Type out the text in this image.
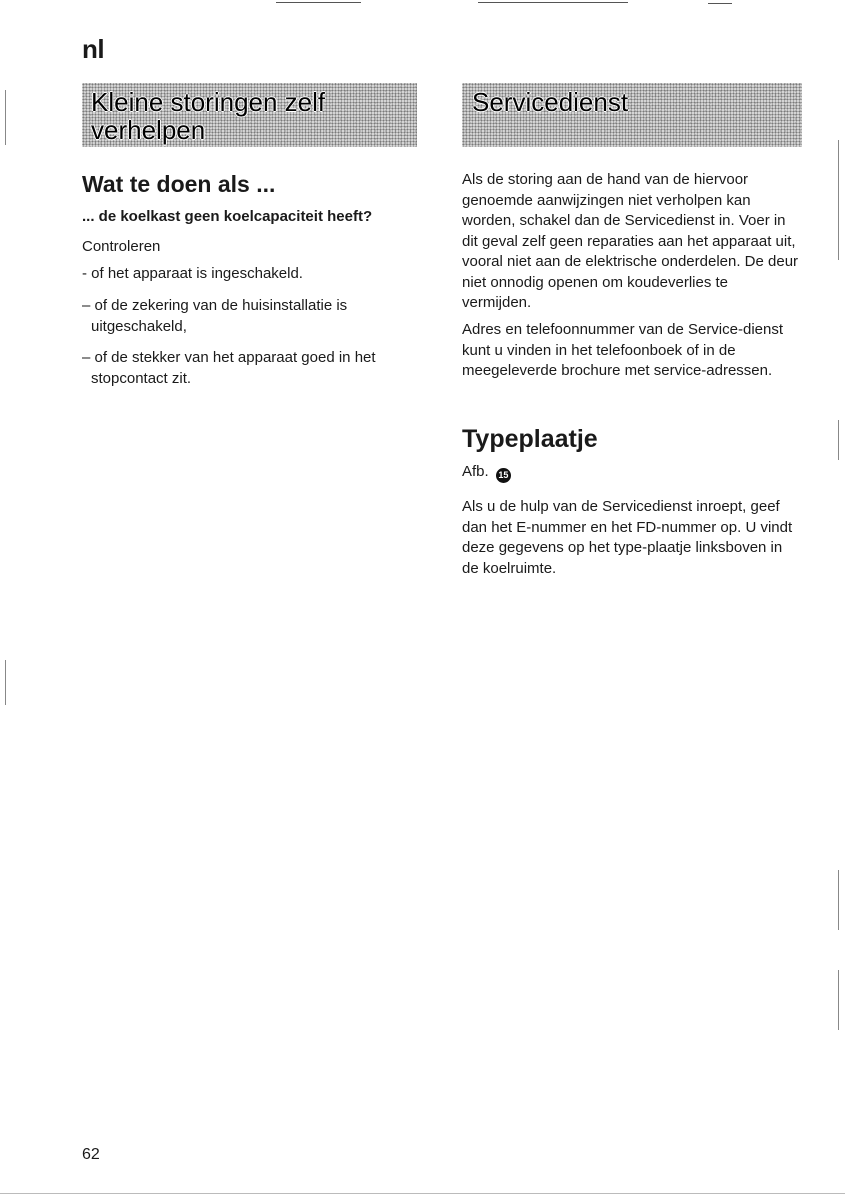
nl
Kleine storingen zelf
verhelpen
Wat te doen als ...
... de koelkast geen koelcapaciteit heeft?
Controleren
- of het apparaat is ingeschakeld.
– of de zekering van de huisinstallatie is uitgeschakeld,
– of de stekker van het apparaat goed in het stopcontact zit.
Servicedienst
Als de storing aan de hand van de hiervoor genoemde aanwijzingen niet verholpen kan worden, schakel dan de Servicedienst in. Voer in dit geval zelf geen reparaties aan het apparaat uit, vooral niet aan de elektrische onderdelen. De deur niet onnodig openen om koudeverlies te vermijden.
Adres en telefoonnummer van de Service-dienst kunt u vinden in het telefoonboek of in de meegeleverde brochure met service-adressen.
Typeplaatje
Afb. 15
Als u de hulp van de Servicedienst inroept, geef dan het E-nummer en het FD-nummer op. U vindt deze gegevens op het type-plaatje linksboven in de koelruimte.
62
